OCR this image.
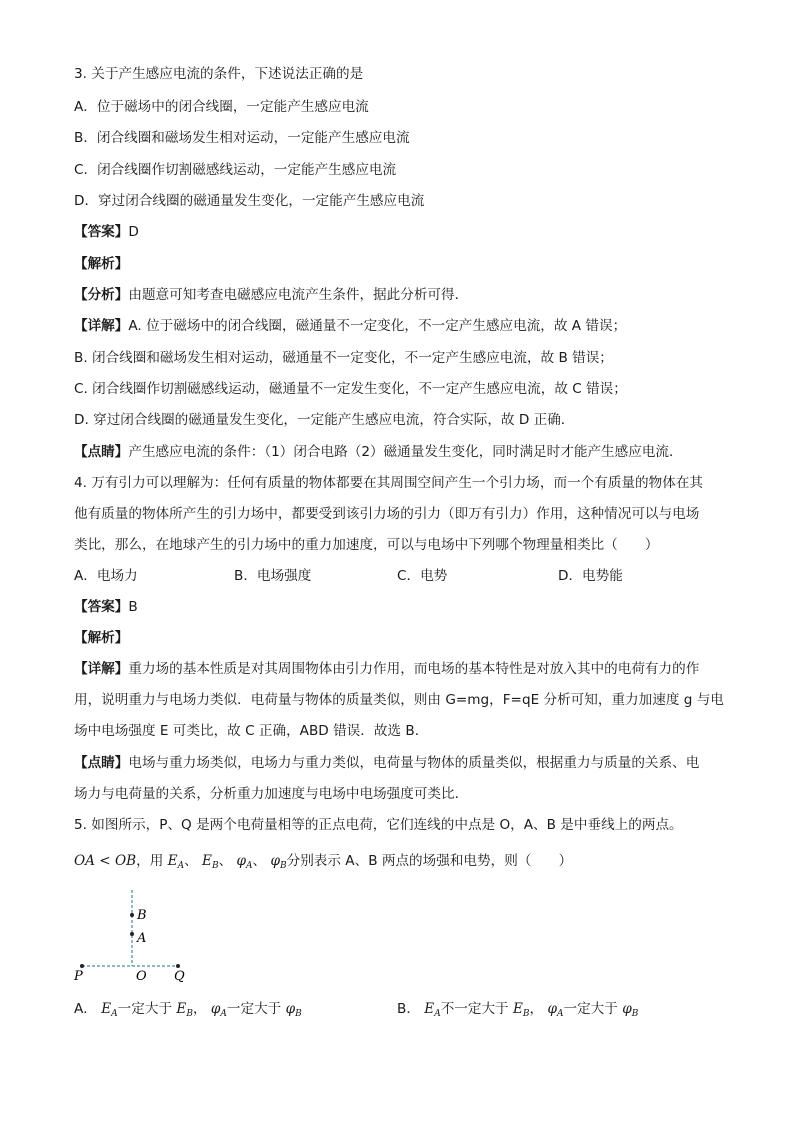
3. 关于产生感应电流的条件，下述说法正确的是
A．位于磁场中的闭合线圈，一定能产生感应电流
B．闭合线圈和磁场发生相对运动，一定能产生感应电流
C．闭合线圈作切割磁感线运动，一定能产生感应电流
D．穿过闭合线圈的磁通量发生变化，一定能产生感应电流
【答案】D
【解析】
【分析】由题意可知考查电磁感应电流产生条件，据此分析可得．
【详解】A. 位于磁场中的闭合线圈，磁通量不一定变化，不一定产生感应电流，故 A 错误；
B. 闭合线圈和磁场发生相对运动，磁通量不一定变化，不一定产生感应电流，故 B 错误；
C. 闭合线圈作切割磁感线运动，磁通量不一定发生变化，不一定产生感应电流，故 C 错误；
D. 穿过闭合线圈的磁通量发生变化，一定能产生感应电流，符合实际，故 D 正确．
【点睛】产生感应电流的条件：（1）闭合电路（2）磁通量发生变化，同时满足时才能产生感应电流．
4. 万有引力可以理解为：任何有质量的物体都要在其周围空间产生一个引力场，而一个有质量的物体在其
他有质量的物体所产生的引力场中，都要受到该引力场的引力（即万有引力）作用，这种情况可以与电场
类比，那么，在地球产生的引力场中的重力加速度，可以与电场中下列哪个物理量相类比（　　）
A．电场力	B．电场强度	C．电势	D．电势能
【答案】B
【解析】
【详解】重力场的基本性质是对其周围物体由引力作用，而电场的基本特性是对放入其中的电荷有力的作
用，说明重力与电场力类似．电荷量与物体的质量类似，则由 G=mg，F=qE 分析可知，重力加速度 g 与电
场中电场强度 E 可类比，故 C 正确，ABD 错误．故选 B．
【点睛】电场与重力场类似，电场力与重力类似，电荷量与物体的质量类似，根据重力与质量的关系、电
场力与电荷量的关系，分析重力加速度与电场中电场强度可类比．
5. 如图所示，P、Q 是两个电荷量相等的正点电荷，它们连线的中点是 O，A、B 是中垂线上的两点。
OA < OB，用 $E_A$、 $E_B$、 $\varphi_A$、 $\varphi_B$分别表示 A、B 两点的场强和电势，则（　　）
P	O Q
A
B
A． $E_A$一定大于 $E_B$， $\varphi_A$一定大于 $\varphi_B$	B． $E_A$不一定大于 $E_B$， $\varphi_A$一定大于 $\varphi_B$
